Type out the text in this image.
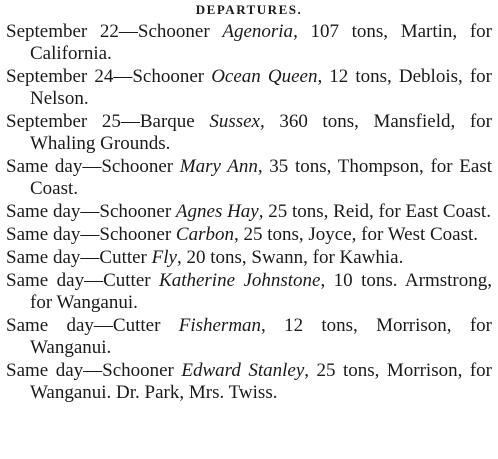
DEPARTURES.

September 22—Schooner Agenoria, 107 tons, Martin, for California.

September 24—Schooner Ocean Queen, 12 tons, Deblois, for Nelson.

September 25—Barque Sussex, 360 tons, Mansfield, for Whaling Grounds.

Same day—Schooner Mary Ann, 35 tons, Thompson, for East Coast.

Same day—Schooner Agnes Hay, 25 tons, Reid, for East Coast.

Same day—Schooner Carbon, 25 tons, Joyce, for West Coast.

Same day—Cutter Fly, 20 tons, Swann, for Kawhia.

Same day—Cutter Katherine Johnstone, 10 tons. Armstrong, for Wanganui.

Same day—Cutter Fisherman, 12 tons, Morrison, for Wanganui.

Same day—Schooner Edward Stanley, 25 tons, Morrison, for Wanganui. Dr. Park, Mrs. Twiss.
